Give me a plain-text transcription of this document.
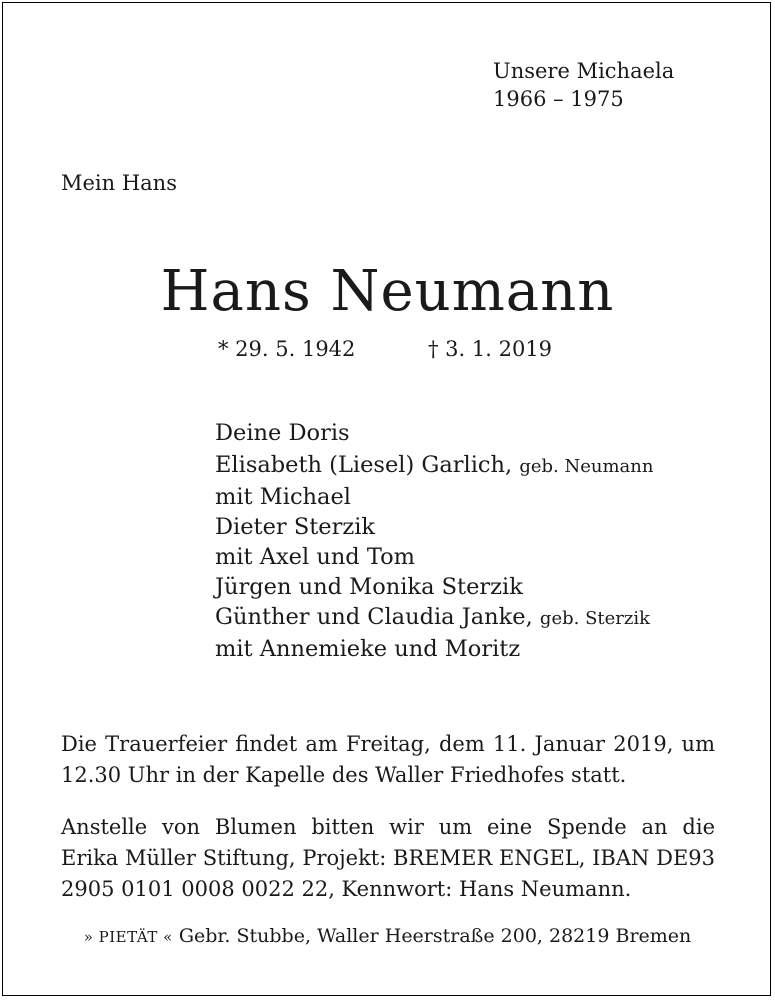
Unsere Michaela
1966 – 1975
Mein Hans
Hans Neumann
* 29. 5. 1942	† 3. 1. 2019
Deine Doris
Elisabeth (Liesel) Garlich, geb. Neumann
mit Michael
Dieter Sterzik
mit Axel und Tom
Jürgen und Monika Sterzik
Günther und Claudia Janke, geb. Sterzik
mit Annemieke und Moritz
Die Trauerfeier findet am Freitag, dem 11. Januar 2019, um
12.30 Uhr in der Kapelle des Waller Friedhofes statt.
Anstelle von Blumen bitten wir um eine Spende an die
Erika Müller Stiftung, Projekt: BREMER ENGEL, IBAN DE93
2905 0101 0008 0022 22, Kennwort: Hans Neumann.
» PIETÄT « Gebr. Stubbe, Waller Heerstraße 200, 28219 Bremen
